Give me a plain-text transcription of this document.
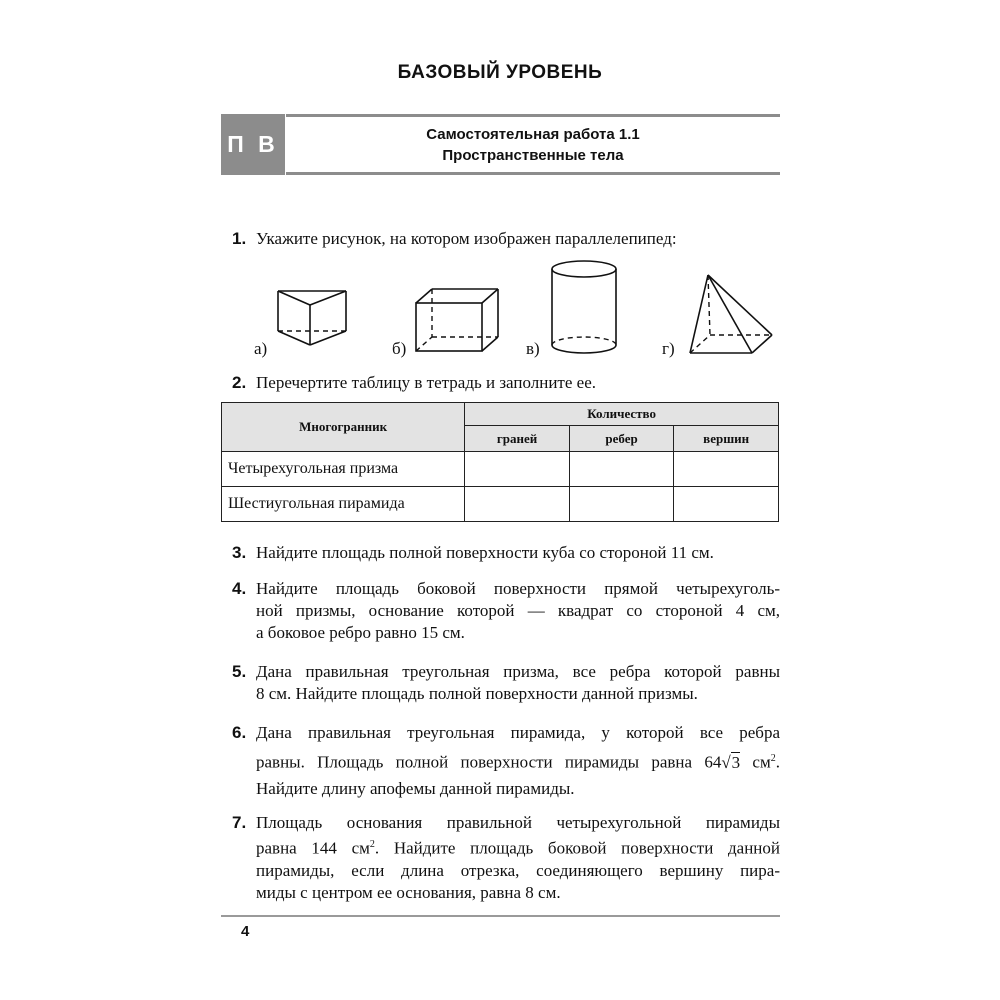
БАЗОВЫЙ УРОВЕНЬ
П В	Самостоятельная работа 1.1
Пространственные тела
1. Укажите рисунок, на котором изображен параллелепипед:
а)	б)	в)	г)
2. Перечертите таблицу в тетрадь и заполните ее.
Многогранник	Количество		
	граней	ребер	вершин
Четырехугольная призма			
Шестиугольная пирамида			
3. Найдите площадь полной поверхности куба со стороной 11 см.
4. Найдите площадь боковой поверхности прямой четырехуголь-
ной призмы, основание которой — квадрат со стороной 4 см,
а боковое ребро равно 15 см.
5. Дана правильная треугольная призма, все ребра которой равны
8 см. Найдите площадь полной поверхности данной призмы.
6. Дана правильная треугольная пирамида, у которой все ребра
равны. Площадь полной поверхности пирамиды равна 64√3 $см^2$.
Найдите длину апофемы данной пирамиды.
7. Площадь основания правильной четырехугольной пирамиды
равна 144 $см^2$. Найдите площадь боковой поверхности данной
пирамиды, если длина отрезка, соединяющего вершину пира-
миды с центром ее основания, равна 8 см.
4
